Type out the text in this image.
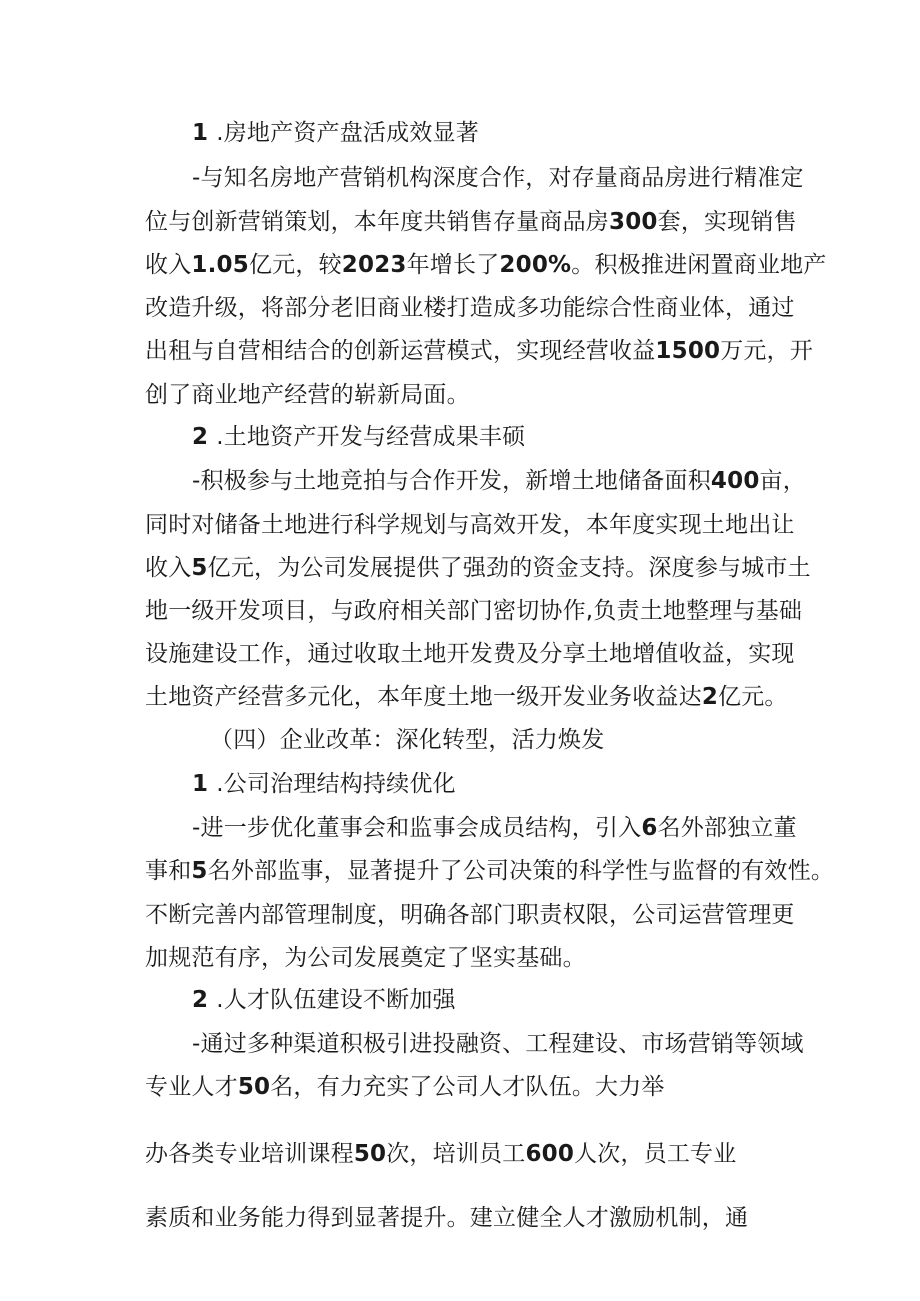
1 .房地产资产盘活成效显著
-与知名房地产营销机构深度合作，对存量商品房进行精准定
位与创新营销策划，本年度共销售存量商品房300套，实现销售
收入1.05亿元，较2023年增长了200%。积极推进闲置商业地产
改造升级，将部分老旧商业楼打造成多功能综合性商业体，通过
出租与自营相结合的创新运营模式，实现经营收益1500万元，开
创了商业地产经营的崭新局面。
2 .土地资产开发与经营成果丰硕
-积极参与土地竞拍与合作开发，新增土地储备面积400亩，
同时对储备土地进行科学规划与高效开发，本年度实现土地出让
收入5亿元，为公司发展提供了强劲的资金支持。深度参与城市土
地一级开发项目，与政府相关部门密切协作,负责土地整理与基础
设施建设工作，通过收取土地开发费及分享土地增值收益，实现
土地资产经营多元化，本年度土地一级开发业务收益达2亿元。
（四）企业改革：深化转型，活力焕发
1 .公司治理结构持续优化
-进一步优化董事会和监事会成员结构，引入6名外部独立董
事和5名外部监事，显著提升了公司决策的科学性与监督的有效性。
不断完善内部管理制度，明确各部门职责权限，公司运营管理更
加规范有序，为公司发展奠定了坚实基础。
2 .人才队伍建设不断加强
-通过多种渠道积极引进投融资、工程建设、市场营销等领域
专业人才50名，有力充实了公司人才队伍。大力举
办各类专业培训课程50次，培训员工600人次，员工专业
素质和业务能力得到显著提升。建立健全人才激励机制，通
